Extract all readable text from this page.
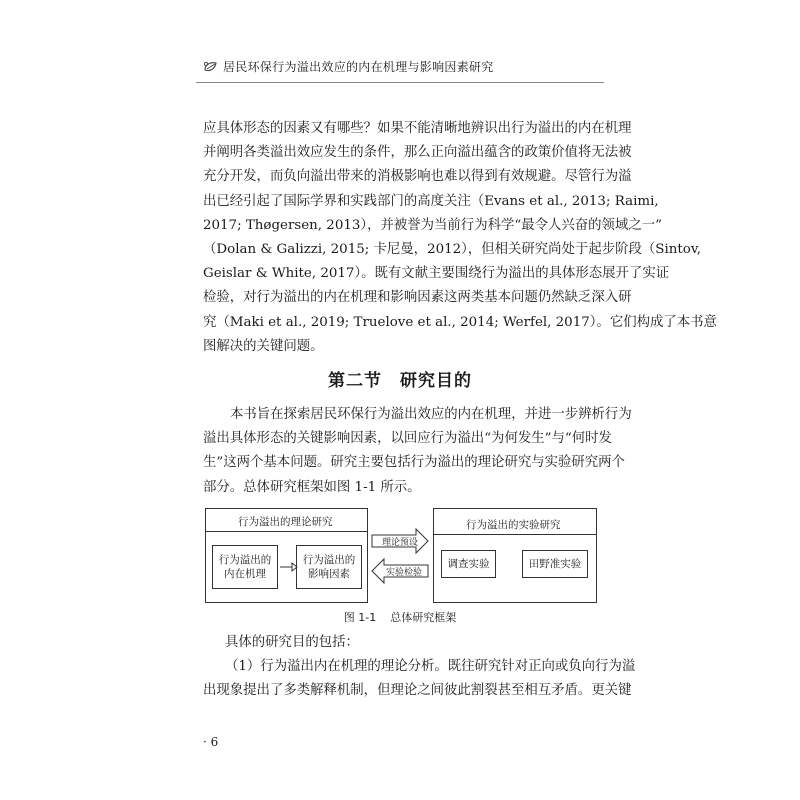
居民环保行为溢出效应的内在机理与影响因素研究
应具体形态的因素又有哪些？如果不能清晰地辨识出行为溢出的内在机理
并阐明各类溢出效应发生的条件，那么正向溢出蕴含的政策价值将无法被
充分开发，而负向溢出带来的消极影响也难以得到有效规避。尽管行为溢
出已经引起了国际学界和实践部门的高度关注（Evans et al., 2013; Raimi,
2017; Thøgersen, 2013），并被誉为当前行为科学“最令人兴奋的领域之一”
（Dolan & Galizzi, 2015; 卡尼曼，2012），但相关研究尚处于起步阶段（Sintov,
Geislar & White, 2017）。既有文献主要围绕行为溢出的具体形态展开了实证
检验，对行为溢出的内在机理和影响因素这两类基本问题仍然缺乏深入研
究（Maki et al., 2019; Truelove et al., 2014; Werfel, 2017）。它们构成了本书意
图解决的关键问题。
第二节　研究目的
本书旨在探索居民环保行为溢出效应的内在机理，并进一步辨析行为
溢出具体形态的关键影响因素，以回应行为溢出“为何发生”与“何时发
生”这两个基本问题。研究主要包括行为溢出的理论研究与实验研究两个
部分。总体研究框架如图 1-1 所示。
行为溢出的理论研究
行为溢出的
内在机理
行为溢出的
影响因素
理论预设
实验检验
行为溢出的实验研究
调查实验	田野准实验
图 1-1 总体研究框架
具体的研究目的包括：
（1）行为溢出内在机理的理论分析。既往研究针对正向或负向行为溢
出现象提出了多类解释机制，但理论之间彼此割裂甚至相互矛盾。更关键
· 6
